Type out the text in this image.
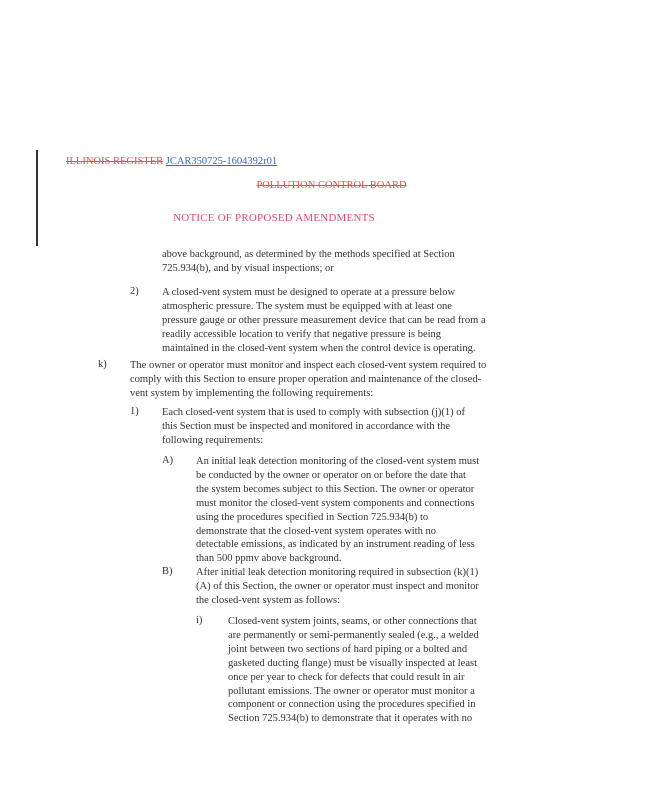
ILLINOIS REGISTER JCAR350725-1604392r01
POLLUTION CONTROL BOARD
NOTICE OF PROPOSED AMENDMENTS
above background, as determined by the methods specified at Section 725.934(b), and by visual inspections; or
2) A closed-vent system must be designed to operate at a pressure below atmospheric pressure. The system must be equipped with at least one pressure gauge or other pressure measurement device that can be read from a readily accessible location to verify that negative pressure is being maintained in the closed-vent system when the control device is operating.
k) The owner or operator must monitor and inspect each closed-vent system required to comply with this Section to ensure proper operation and maintenance of the closed-vent system by implementing the following requirements:
1) Each closed-vent system that is used to comply with subsection (j)(1) of this Section must be inspected and monitored in accordance with the following requirements:
A) An initial leak detection monitoring of the closed-vent system must be conducted by the owner or operator on or before the date that the system becomes subject to this Section. The owner or operator must monitor the closed-vent system components and connections using the procedures specified in Section 725.934(b) to demonstrate that the closed-vent system operates with no detectable emissions, as indicated by an instrument reading of less than 500 ppmv above background.
B) After initial leak detection monitoring required in subsection (k)(1)(A) of this Section, the owner or operator must inspect and monitor the closed-vent system as follows:
i) Closed-vent system joints, seams, or other connections that are permanently or semi-permanently sealed (e.g., a welded joint between two sections of hard piping or a bolted and gasketed ducting flange) must be visually inspected at least once per year to check for defects that could result in air pollutant emissions. The owner or operator must monitor a component or connection using the procedures specified in Section 725.934(b) to demonstrate that it operates with no
